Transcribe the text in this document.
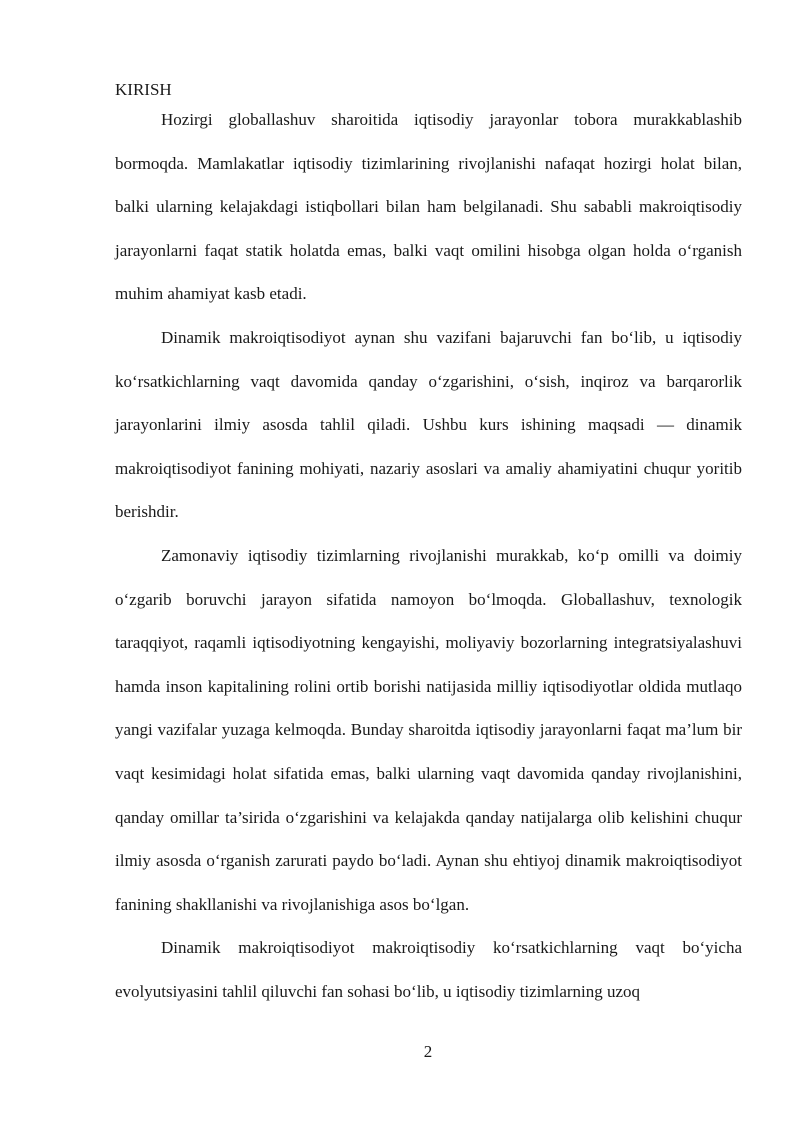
KIRISH

Hozirgi globallashuv sharoitida iqtisodiy jarayonlar tobora murakkablashib bormoqda. Mamlakatlar iqtisodiy tizimlarining rivojlanishi nafaqat hozirgi holat bilan, balki ularning kelajakdagi istiqbollari bilan ham belgilanadi. Shu sababli makroiqtisodiy jarayonlarni faqat statik holatda emas, balki vaqt omilini hisobga olgan holda o‘rganish muhim ahamiyat kasb etadi.

Dinamik makroiqtisodiyot aynan shu vazifani bajaruvchi fan bo‘lib, u iqtisodiy ko‘rsatkichlarning vaqt davomida qanday o‘zgarishini, o‘sish, inqiroz va barqarorlik jarayonlarini ilmiy asosda tahlil qiladi. Ushbu kurs ishining maqsadi — dinamik makroiqtisodiyot fanining mohiyati, nazariy asoslari va amaliy ahamiyatini chuqur yoritib berishdir.

Zamonaviy iqtisodiy tizimlarning rivojlanishi murakkab, ko‘p omilli va doimiy o‘zgarib boruvchi jarayon sifatida namoyon bo‘lmoqda. Globallashuv, texnologik taraqqiyot, raqamli iqtisodiyotning kengayishi, moliyaviy bozorlarning integratsiyalashuvi hamda inson kapitalining rolini ortib borishi natijasida milliy iqtisodiyotlar oldida mutlaqo yangi vazifalar yuzaga kelmoqda. Bunday sharoitda iqtisodiy jarayonlarni faqat ma’lum bir vaqt kesimidagi holat sifatida emas, balki ularning vaqt davomida qanday rivojlanishini, qanday omillar ta’sirida o‘zgarishini va kelajakda qanday natijalarga olib kelishini chuqur ilmiy asosda o‘rganish zarurati paydo bo‘ladi. Aynan shu ehtiyoj dinamik makroiqtisodiyot fanining shakllanishi va rivojlanishiga asos bo‘lgan.

Dinamik makroiqtisodiyot makroiqtisodiy ko‘rsatkichlarning vaqt bo‘yicha evolyutsiyasini tahlil qiluvchi fan sohasi bo‘lib, u iqtisodiy tizimlarning uzoq

2
